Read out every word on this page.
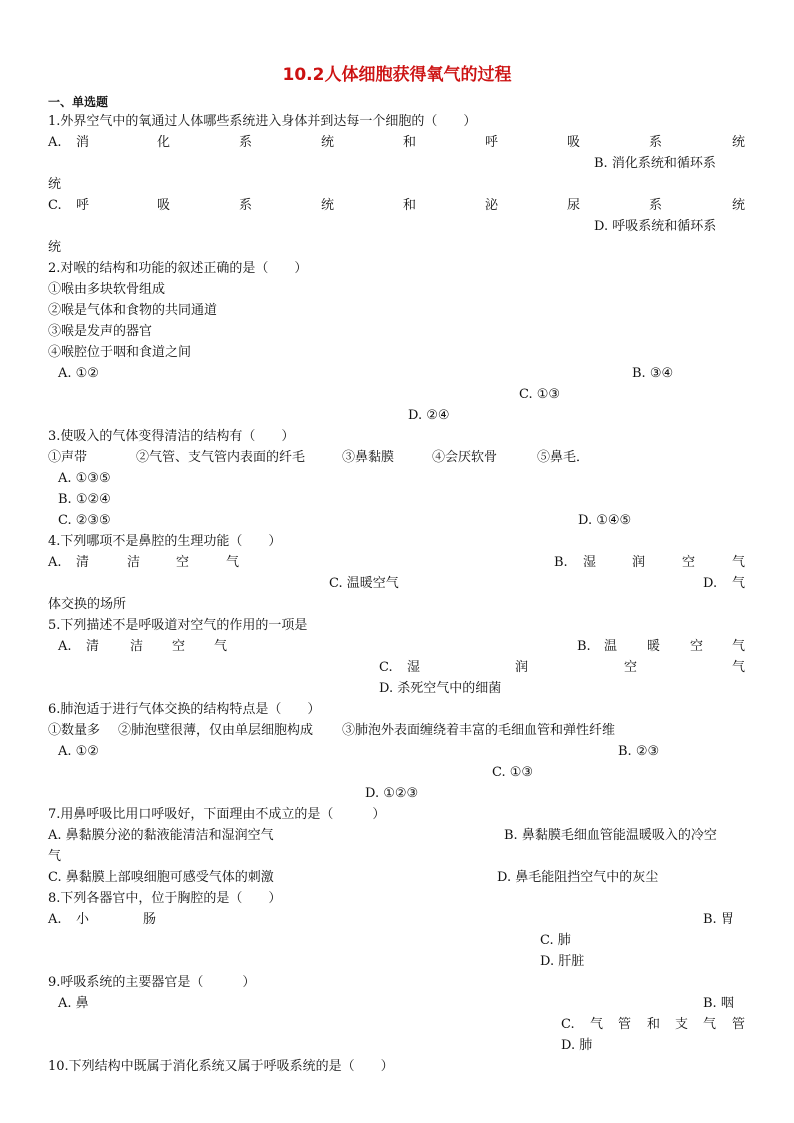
10.2人体细胞获得氧气的过程
一、单选题
1.外界空气中的氧通过人体哪些系统进入身体并到达每一个细胞的（　　）
A. 消	化	系	统	和	呼	吸	系	统
B. 消化系统和循环系
统
C. 呼	吸	系	统	和	泌	尿	系	统
D. 呼吸系统和循环系
统
2.对喉的结构和功能的叙述正确的是（　　）
①喉由多块软骨组成
②喉是气体和食物的共同通道
③喉是发声的器官
④喉腔位于咽和食道之间
A. ①②	B. ③④
C. ①③
D. ②④
3.使吸入的气体变得清洁的结构有（　　）
①声带	②气管、支气管内表面的纤毛	③鼻黏膜	④会厌软骨	⑤鼻毛．
A. ①③⑤
B. ①②④
C. ②③⑤	D. ①④⑤
4.下列哪项不是鼻腔的生理功能（　　）
A. 清	洁	空	气	B. 湿	润	空	气
C. 温暖空气	D. 气
体交换的场所
5.下列描述不是呼吸道对空气的作用的一项是
A. 清 洁 空 气	B. 温 暖 空 气
C. 湿	润	空	气
D. 杀死空气中的细菌
6.肺泡适于进行气体交换的结构特点是（　　）
①数量多 ②肺泡壁很薄，仅由单层细胞构成 ③肺泡外表面缠绕着丰富的毛细血管和弹性纤维
A. ①②	B. ②③
C. ①③
D. ①②③
7.用鼻呼吸比用口呼吸好，下面理由不成立的是（　　　）
A. 鼻黏膜分泌的黏液能清洁和湿润空气	B. 鼻黏膜毛细血管能温暖吸入的冷空
气
C. 鼻黏膜上部嗅细胞可感受气体的刺激	D. 鼻毛能阻挡空气中的灰尘
8.下列各器官中，位于胸腔的是（　　）
A. 小	肠	B. 胃
C. 肺
D. 肝脏
9.呼吸系统的主要器官是（　　　）
A. 鼻	B. 咽
C. 气 管 和 支 气 管
D. 肺
10.下列结构中既属于消化系统又属于呼吸系统的是（　　）
